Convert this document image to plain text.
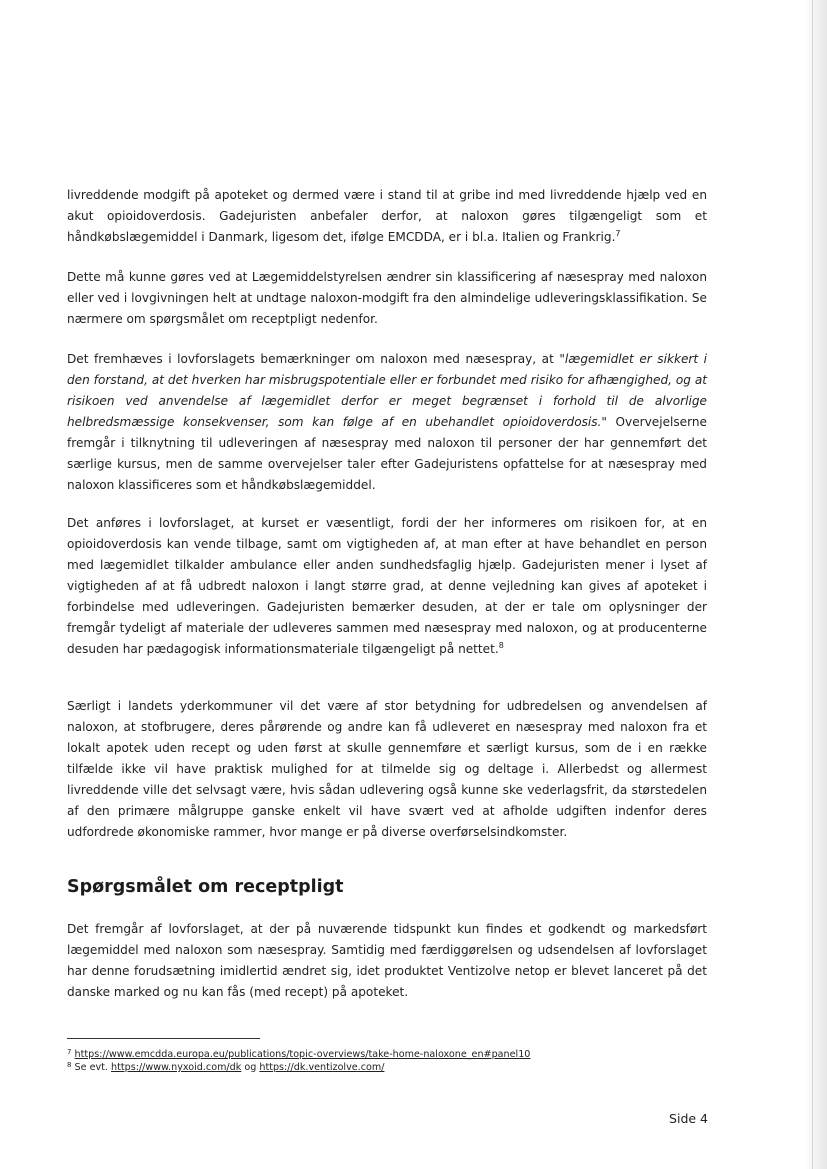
livreddende modgift på apoteket og dermed være i stand til at gribe ind med livreddende hjælp ved en akut opioidoverdosis. Gadejuristen anbefaler derfor, at naloxon gøres tilgængeligt som et håndkøbslægemiddel i Danmark, ligesom det, ifølge EMCDDA, er i bl.a. Italien og Frankrig.$^7$

Dette må kunne gøres ved at Lægemiddelstyrelsen ændrer sin klassificering af næsespray med naloxon eller ved i lovgivningen helt at undtage naloxon-modgift fra den almindelige udleveringsklassifikation. Se nærmere om spørgsmålet om receptpligt nedenfor.

Det fremhæves i lovforslagets bemærkninger om naloxon med næsespray, at "lægemidlet er sikkert i den forstand, at det hverken har misbrugspotentiale eller er forbundet med risiko for afhængighed, og at risikoen ved anvendelse af lægemidlet derfor er meget begrænset i forhold til de alvorlige helbredsmæssige konsekvenser, som kan følge af en ubehandlet opioidoverdosis." Overvejelserne fremgår i tilknytning til udleveringen af næsespray med naloxon til personer der har gennemført det særlige kursus, men de samme overvejelser taler efter Gadejuristens opfattelse for at næsespray med naloxon klassificeres som et håndkøbslægemiddel.

Det anføres i lovforslaget, at kurset er væsentligt, fordi der her informeres om risikoen for, at en opioidoverdosis kan vende tilbage, samt om vigtigheden af, at man efter at have behandlet en person med lægemidlet tilkalder ambulance eller anden sundhedsfaglig hjælp. Gadejuristen mener i lyset af vigtigheden af at få udbredt naloxon i langt større grad, at denne vejledning kan gives af apoteket i forbindelse med udleveringen. Gadejuristen bemærker desuden, at der er tale om oplysninger der fremgår tydeligt af materiale der udleveres sammen med næsespray med naloxon, og at producenterne desuden har pædagogisk informationsmateriale tilgængeligt på nettet.$^8$

Særligt i landets yderkommuner vil det være af stor betydning for udbredelsen og anvendelsen af naloxon, at stofbrugere, deres pårørende og andre kan få udleveret en næsespray med naloxon fra et lokalt apotek uden recept og uden først at skulle gennemføre et særligt kursus, som de i en række tilfælde ikke vil have praktisk mulighed for at tilmelde sig og deltage i. Allerbedst og allermest livreddende ville det selvsagt være, hvis sådan udlevering også kunne ske vederlagsfrit, da størstedelen af den primære målgruppe ganske enkelt vil have svært ved at afholde udgiften indenfor deres udfordrede økonomiske rammer, hvor mange er på diverse overførselsindkomster.

Spørgsmålet om receptpligt

Det fremgår af lovforslaget, at der på nuværende tidspunkt kun findes et godkendt og markedsført lægemiddel med naloxon som næsespray. Samtidig med færdiggørelsen og udsendelsen af lovforslaget har denne forudsætning imidlertid ændret sig, idet produktet Ventizolve netop er blevet lanceret på det danske marked og nu kan fås (med recept) på apoteket.

$^7$ https://www.emcdda.europa.eu/publications/topic-overviews/take-home-naloxone_en#panel10

$^8$ Se evt. https://www.nyxoid.com/dk og https://dk.ventizolve.com/

Side 4
